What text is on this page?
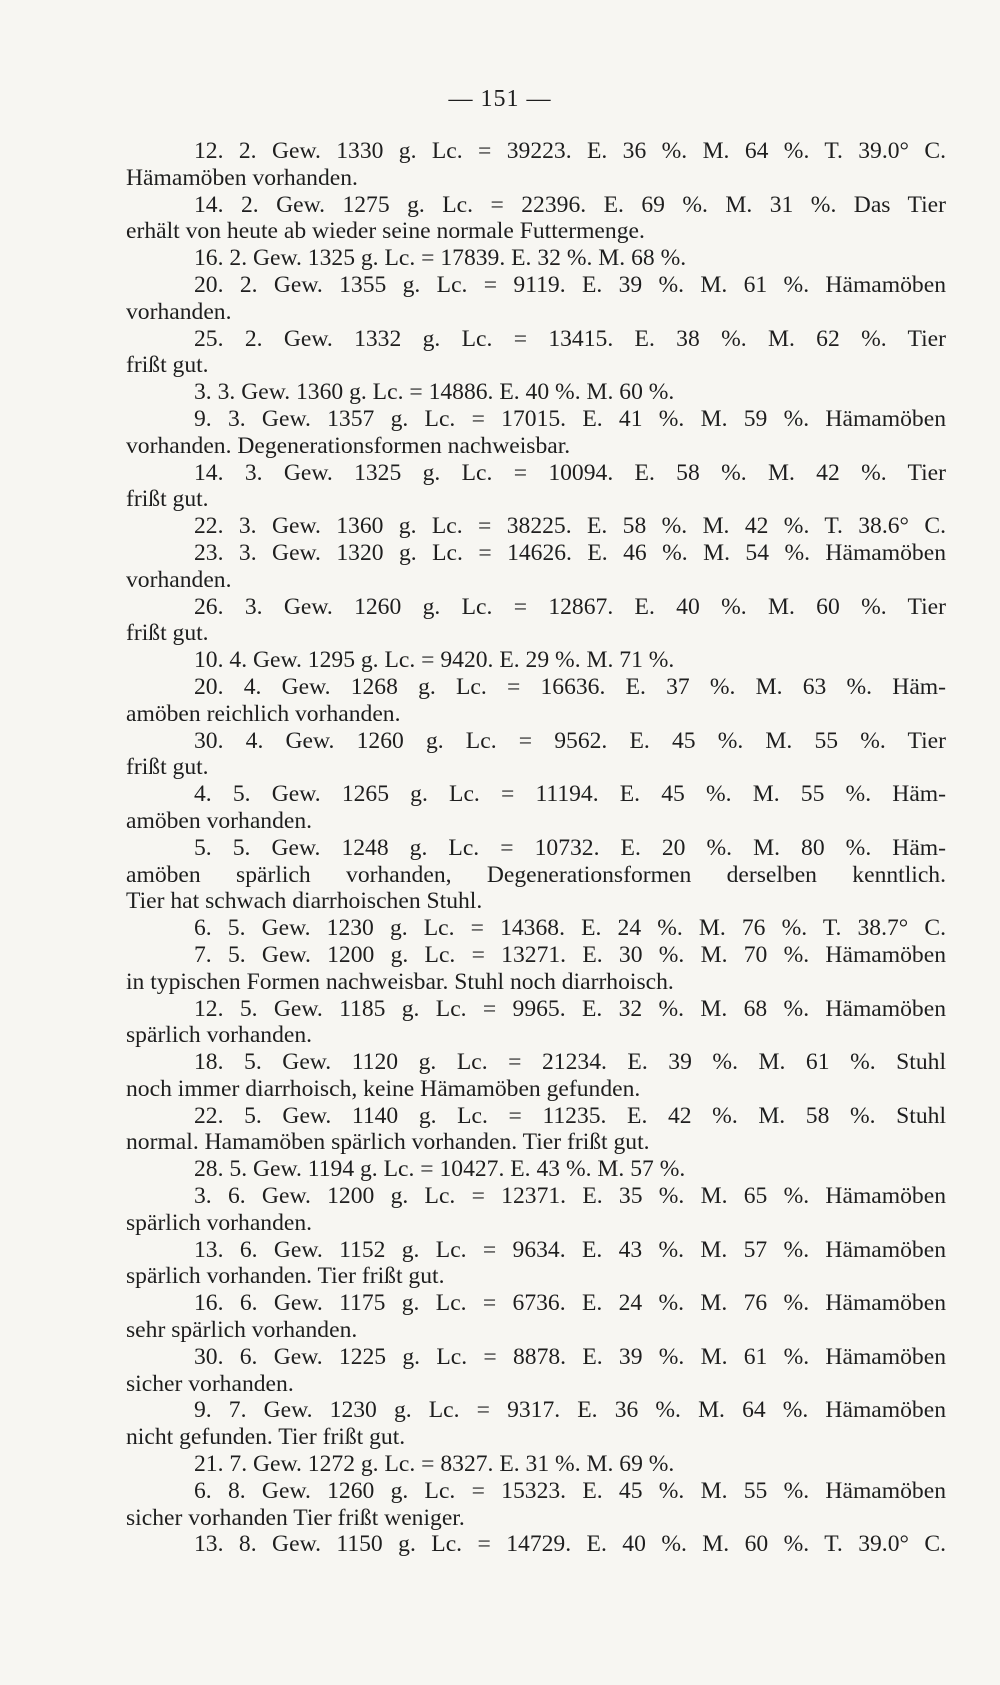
— 151 —
12. 2. Gew. 1330 g. Lc. = 39223. E. 36 %. M. 64 %. T. 39.0° C.
Hämamöben vorhanden.
14. 2. Gew. 1275 g. Lc. = 22396. E. 69 %. M. 31 %. Das Tier
erhält von heute ab wieder seine normale Futtermenge.
16. 2. Gew. 1325 g. Lc. = 17839. E. 32 %. M. 68 %.
20. 2. Gew. 1355 g. Lc. = 9119. E. 39 %. M. 61 %. Hämamöben
vorhanden.
25. 2. Gew. 1332 g. Lc. = 13415. E. 38 %. M. 62 %. Tier
frißt gut.
3. 3. Gew. 1360 g. Lc. = 14886. E. 40 %. M. 60 %.
9. 3. Gew. 1357 g. Lc. = 17015. E. 41 %. M. 59 %. Hämamöben
vorhanden. Degenerationsformen nachweisbar.
14. 3. Gew. 1325 g. Lc. = 10094. E. 58 %. M. 42 %. Tier
frißt gut.
22. 3. Gew. 1360 g. Lc. = 38225. E. 58 %. M. 42 %. T. 38.6° C.
23. 3. Gew. 1320 g. Lc. = 14626. E. 46 %. M. 54 %. Hämamöben
vorhanden.
26. 3. Gew. 1260 g. Lc. = 12867. E. 40 %. M. 60 %. Tier
frißt gut.
10. 4. Gew. 1295 g. Lc. = 9420. E. 29 %. M. 71 %.
20. 4. Gew. 1268 g. Lc. = 16636. E. 37 %. M. 63 %. Häm-
amöben reichlich vorhanden.
30. 4. Gew. 1260 g. Lc. = 9562. E. 45 %. M. 55 %. Tier
frißt gut.
4. 5. Gew. 1265 g. Lc. = 11194. E. 45 %. M. 55 %. Häm-
amöben vorhanden.
5. 5. Gew. 1248 g. Lc. = 10732. E. 20 %. M. 80 %. Häm-
amöben spärlich vorhanden, Degenerationsformen derselben kenntlich.
Tier hat schwach diarrhoischen Stuhl.
6. 5. Gew. 1230 g. Lc. = 14368. E. 24 %. M. 76 %. T. 38.7° C.
7. 5. Gew. 1200 g. Lc. = 13271. E. 30 %. M. 70 %. Hämamöben
in typischen Formen nachweisbar. Stuhl noch diarrhoisch.
12. 5. Gew. 1185 g. Lc. = 9965. E. 32 %. M. 68 %. Hämamöben
spärlich vorhanden.
18. 5. Gew. 1120 g. Lc. = 21234. E. 39 %. M. 61 %. Stuhl
noch immer diarrhoisch, keine Hämamöben gefunden.
22. 5. Gew. 1140 g. Lc. = 11235. E. 42 %. M. 58 %. Stuhl
normal. Hamamöben spärlich vorhanden. Tier frißt gut.
28. 5. Gew. 1194 g. Lc. = 10427. E. 43 %. M. 57 %.
3. 6. Gew. 1200 g. Lc. = 12371. E. 35 %. M. 65 %. Hämamöben
spärlich vorhanden.
13. 6. Gew. 1152 g. Lc. = 9634. E. 43 %. M. 57 %. Hämamöben
spärlich vorhanden. Tier frißt gut.
16. 6. Gew. 1175 g. Lc. = 6736. E. 24 %. M. 76 %. Hämamöben
sehr spärlich vorhanden.
30. 6. Gew. 1225 g. Lc. = 8878. E. 39 %. M. 61 %. Hämamöben
sicher vorhanden.
9. 7. Gew. 1230 g. Lc. = 9317. E. 36 %. M. 64 %. Hämamöben
nicht gefunden. Tier frißt gut.
21. 7. Gew. 1272 g. Lc. = 8327. E. 31 %. M. 69 %.
6. 8. Gew. 1260 g. Lc. = 15323. E. 45 %. M. 55 %. Hämamöben
sicher vorhanden Tier frißt weniger.
13. 8. Gew. 1150 g. Lc. = 14729. E. 40 %. M. 60 %. T. 39.0° C.
